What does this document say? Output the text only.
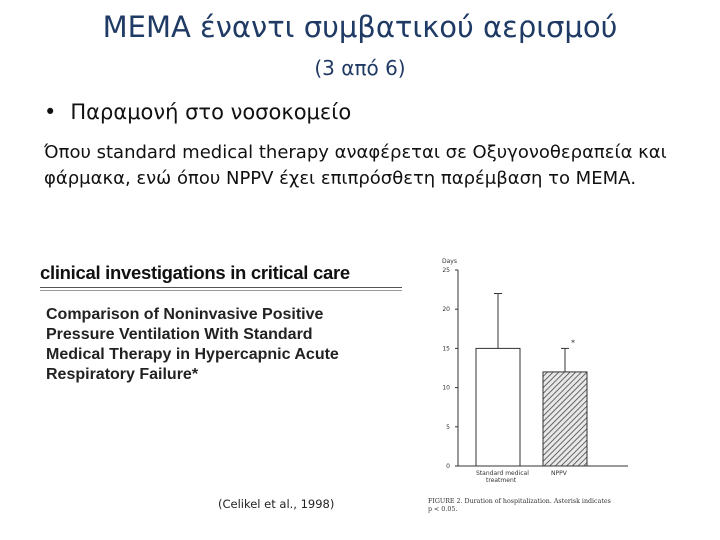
MEMA έναντι συμβατικού αερισμού
(3 από 6)
• Παραμονή στο νοσοκομείο
Όπου standard medical therapy αναφέρεται σε Οξυγονοθεραπεία και φάρμακα, ενώ όπου NPPV έχει επιπρόσθετη παρέμβαση το ΜΕΜΑ.
clinical investigations in critical care
Comparison of Noninvasive Positive
Pressure Ventilation With Standard
Medical Therapy in Hypercapnic Acute
Respiratory Failure*
(Celikel et al., 1998)
Days
25
20
15
10
5
0
*
Standard medical
treatment
NPPV
FIGURE 2. Duration of hospitalization. Asterisk indicates
p < 0.05.
